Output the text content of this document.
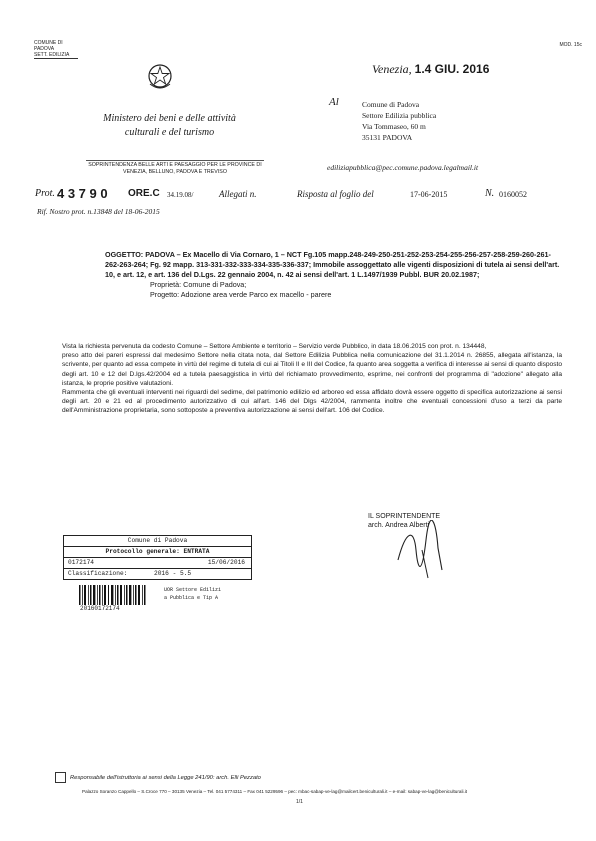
COMUNE DI PADOVA
SETT. EDILIZIA
MOD. 15c
Ministero dei beni e delle attività
culturali e del turismo
SOPRINTENDENZA BELLE ARTI E PAESAGGIO PER LE PROVINCE DI VENEZIA, BELLUNO, PADOVA E TREVISO
Venezia, 1.4 GIU. 2016
Al	Comune di Padova
Settore Edilizia pubblica
Via Tommaseo, 60 m
35131 PADOVA
ediliziapubblica@pec.comune.padova.legalmail.it
Prot. 4 3 7 9 0 ORE.C 34.19.08/	Allegati n.	Risposta al foglio del	17-06-2015	N. 0160052
Rif. Nostro prot. n.13848 del 18-06-2015
OGGETTO: PADOVA – Ex Macello di Via Cornaro, 1 – NCT Fg.105 mapp.248-249-250-251-252-253-254-255-256-257-258-259-260-261-262-263-264; Fg. 92 mapp. 313-331-332-333-334-335-336-337; Immobile assoggettato alle vigenti disposizioni di tutela ai sensi dell'art. 10, e art. 12, e art. 136 del D.Lgs. 22 gennaio 2004, n. 42 ai sensi dell'art. 1 L.1497/1939 Pubbl. BUR 20.02.1987;
Proprietà: Comune di Padova;
Progetto: Adozione area verde Parco ex macello - parere

Vista la richiesta pervenuta da codesto Comune – Settore Ambiente e territorio – Servizio verde Pubblico, in data 18.06.2015 con prot. n. 134448,

preso atto dei pareri espressi dal medesimo Settore nella citata nota, dal Settore Edilizia Pubblica nella comunicazione del 31.1.2014 n. 26855, allegata all'istanza, la scrivente, per quanto ad essa compete in virtù del regime di tutela di cui ai Titoli II e III del Codice, fa quanto area soggetta a verifica di interesse ai sensi di quanto disposto degli art. 10 e 12 del D.lgs.42/2004 ed a tutela paesaggistica in virtù del richiamato provvedimento, esprime, nei confronti del programma di "adozione" allegato alla istanza, le proprie positive valutazioni.

Rammenta che gli eventuali interventi nei riguardi del sedime, del patrimonio edilizio ed arboreo ed essa affidato dovrà essere oggetto di specifica autorizzazione ai sensi degli art. 20 e 21 ed al procedimento autorizzativo di cui all'art. 146 del Dlgs 42/2004, rammenta inoltre che eventuali concessioni d'uso a terzi da parte dell'Amministrazione proprietaria, sono sottoposte a preventiva autorizzazione ai sensi dell'art. 106 del Codice.

IL SOPRINTENDENTE
arch. Andrea Alberti
Comune di Padova
Protocollo generale: ENTRATA
0172174	15/06/2016
Classificazione:	2016 - 5.5
20160172174
UOR Settore Edilizi
a Pubblica e Tip A
Responsabile dell'istruttoria ai sensi della Legge 241/90: arch. Elli Pezzato
Palazzo Soranzo Cappello – S.Croce 770 – 30135 Venezia – Tel. 041 5774311 – Fax 041 5229596 – pec: mbac-sabap-ve-lag@mailcert.beniculturali.it – e-mail: sabap-ve-lag@beniculturali.it
1/1
